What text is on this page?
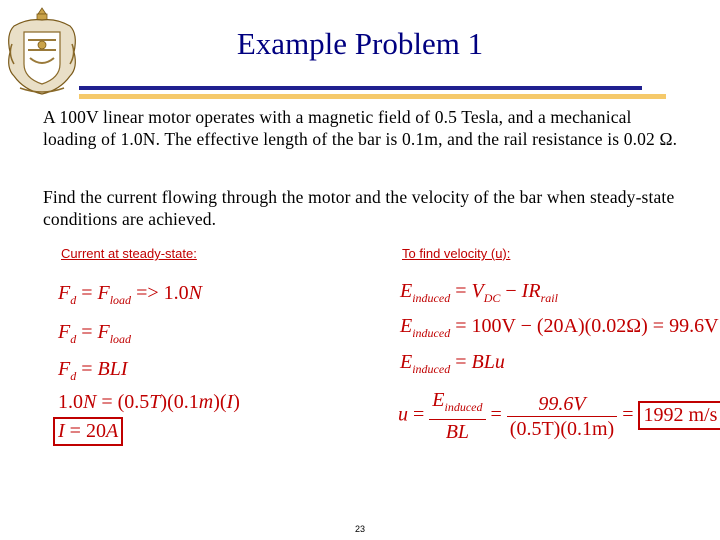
Example Problem 1
A 100V linear motor operates with a magnetic field of 0.5 Tesla, and a mechanical loading of 1.0N. The effective length of the bar is 0.1m, and the rail resistance is 0.02 Ω.
Find the current flowing through the motor and the velocity of the bar when steady-state conditions are achieved.
Current at steady-state:	To find velocity (u):
$F_d = F_{load} => 1.0N$
$F_d = F_{load}$
$F_d$ = BLI
1.0N = (0.5T)(0.1m)(I)
I = 20A
$E_{induced} = V_{DC} - IR_{rail}$
$E_{induced} = 100V - (20A)(0.02\Omega) = 99.6V$
$E_{induced}$ = BLu
$u = \frac{E_{induced}}{BL} = \frac{99.6V}{(0.5T)(0.1m)} = 1992$ m/s
23
